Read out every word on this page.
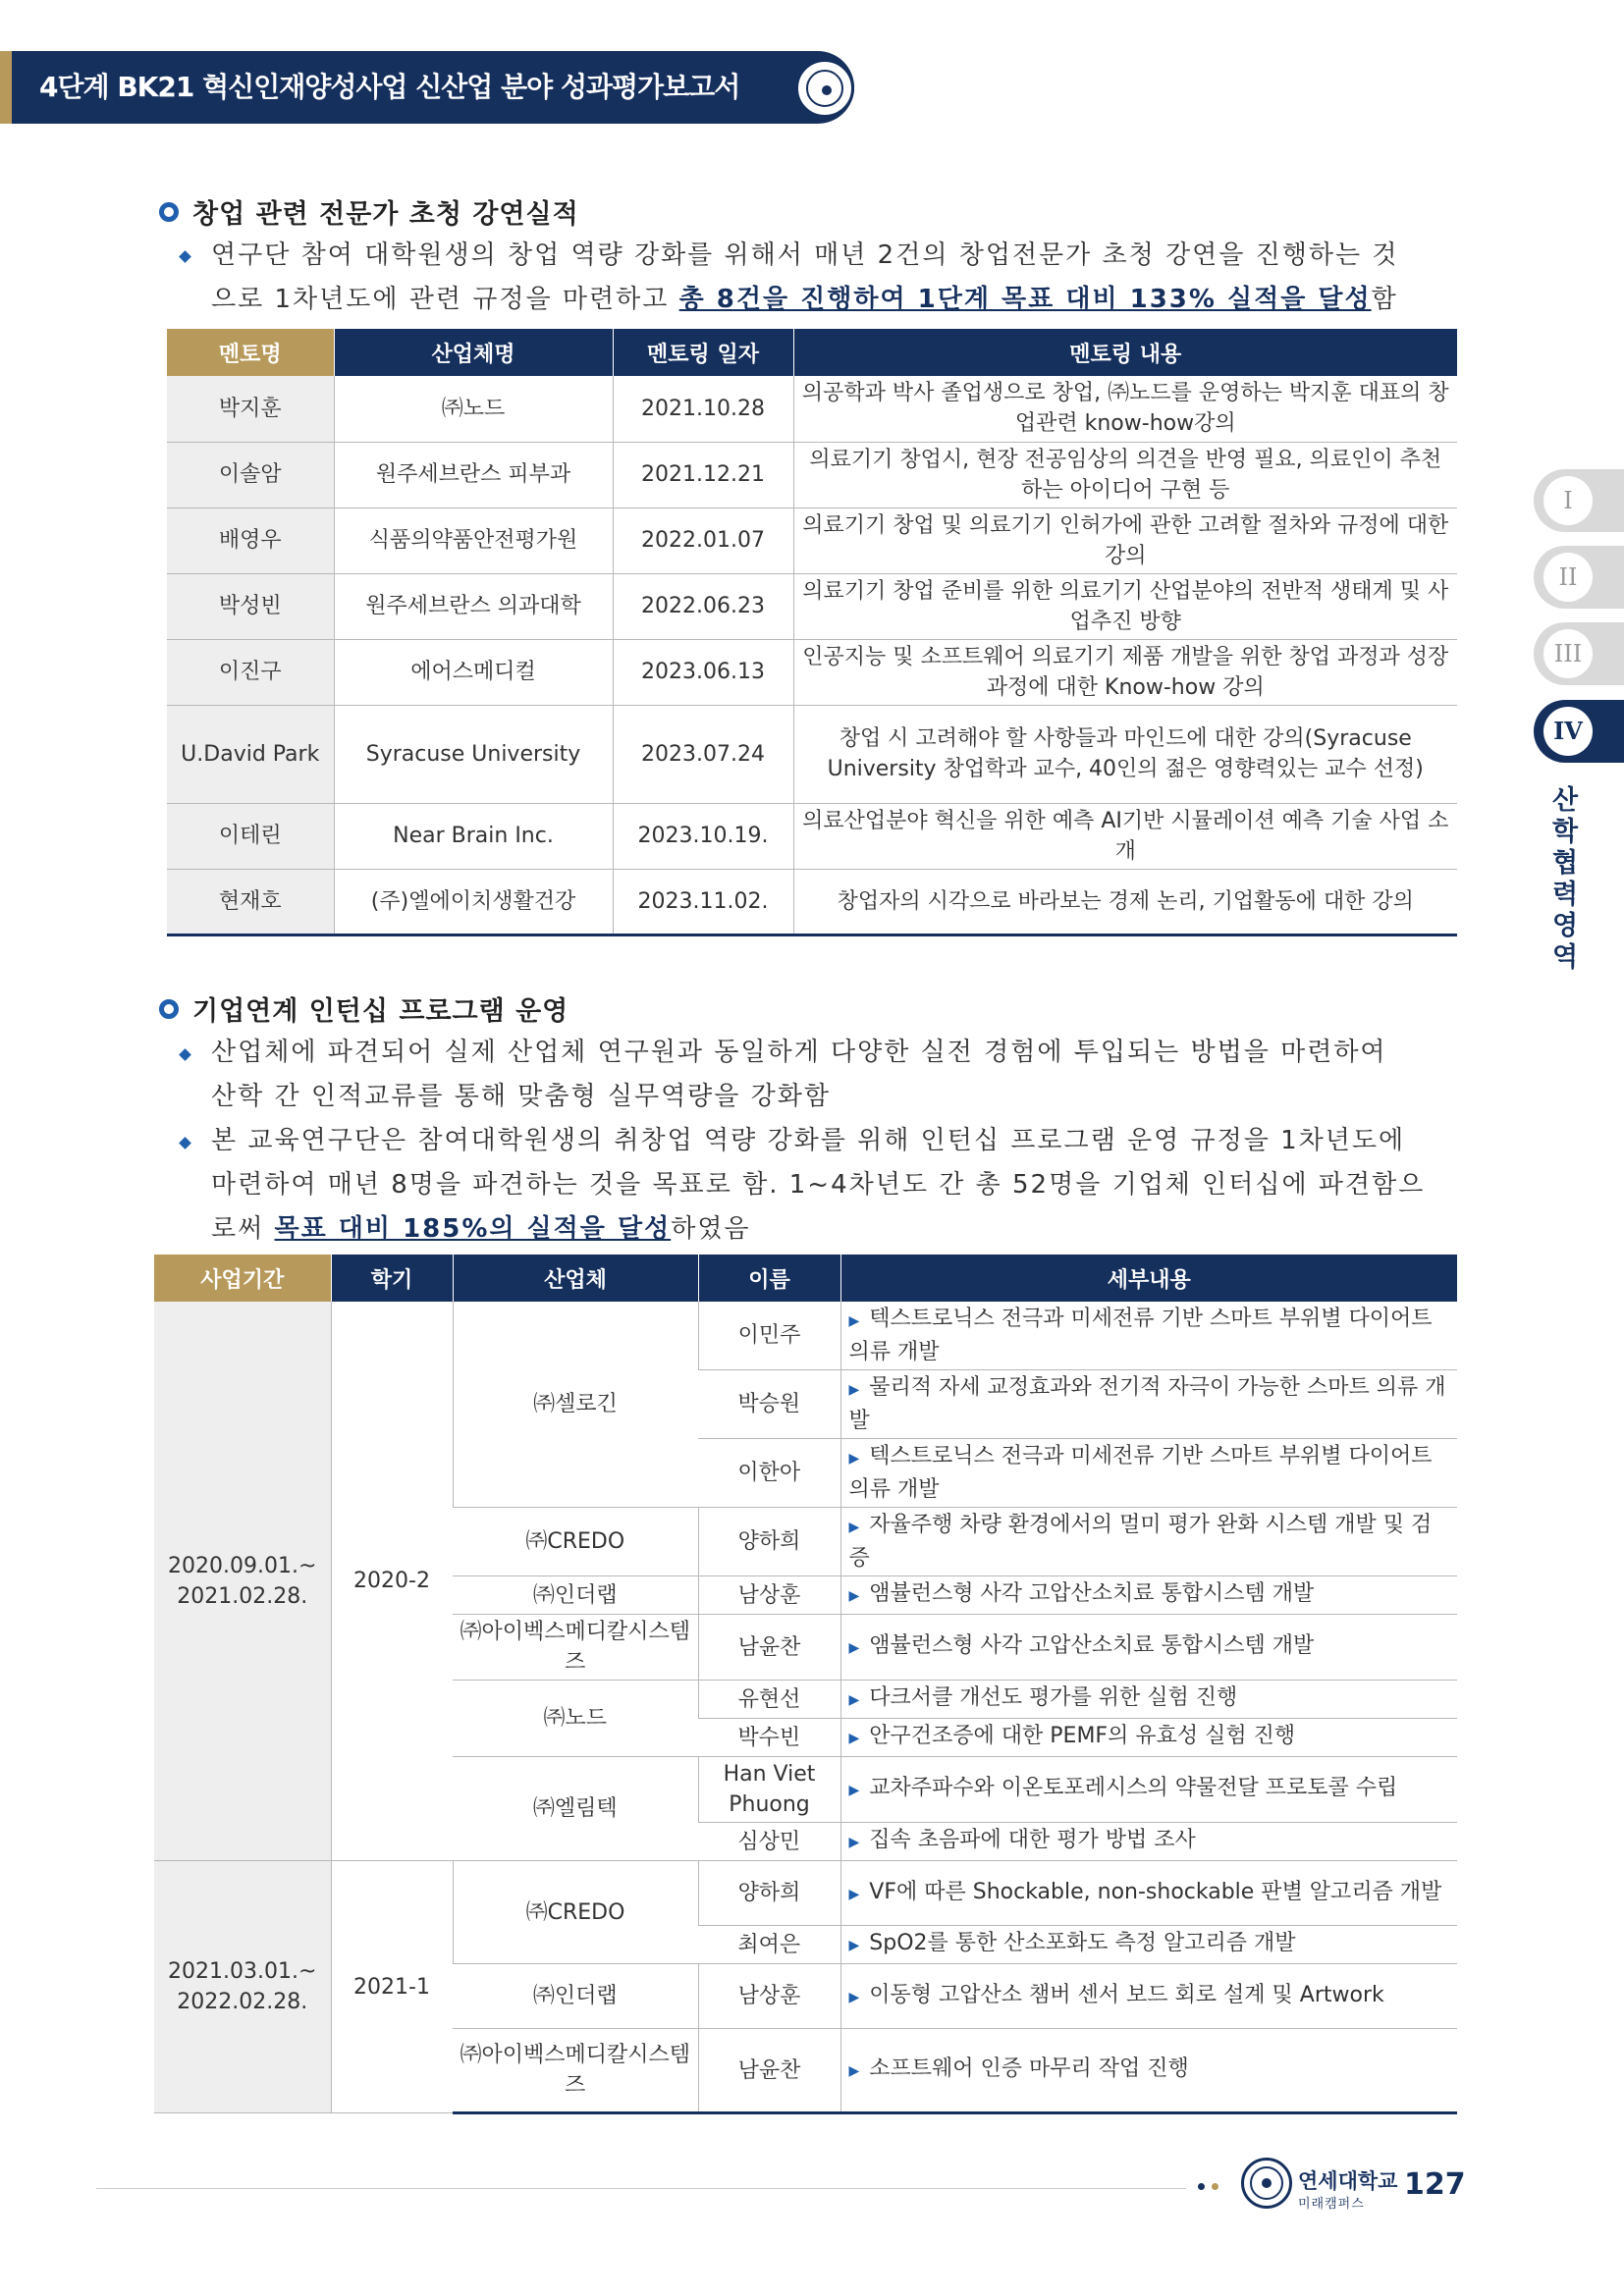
4단계 BK21 혁신인재양성사업 신산업 분야 성과평가보고서
창업 관련 전문가 초청 강연실적
연구단 참여 대학원생의 창업 역량 강화를 위해서 매년 2건의 창업전문가 초청 강연을 진행하는 것
으로 1차년도에 관련 규정을 마련하고 총 8건을 진행하여 1단계 목표 대비 133% 실적을 달성함
멘토명	산업체명	멘토링 일자	멘토링 내용
박지훈	㈜노드	2021.10.28	의공학과 박사 졸업생으로 창업, ㈜노드를 운영하는 박지훈 대표의 창업관련 know-how강의
이솔암	원주세브란스 피부과	2021.12.21	의료기기 창업시, 현장 전공임상의 의견을 반영 필요, 의료인이 추천하는 아이디어 구현 등
배영우	식품의약품안전평가원	2022.01.07	의료기기 창업 및 의료기기 인허가에 관한 고려할 절차와 규정에 대한 강의
박성빈	원주세브란스 의과대학	2022.06.23	의료기기 창업 준비를 위한 의료기기 산업분야의 전반적 생태계 및 사업추진 방향
이진구	에어스메디컬	2023.06.13	인공지능 및 소프트웨어 의료기기 제품 개발을 위한 창업 과정과 성장 과정에 대한 Know-how 강의
U.David Park	Syracuse University	2023.07.24	창업 시 고려해야 할 사항들과 마인드에 대한 강의(Syracuse University 창업학과 교수, 40인의 젊은 영향력있는 교수 선정)
이테린	Near Brain Inc.	2023.10.19.	의료산업분야 혁신을 위한 예측 AI기반 시뮬레이션 예측 기술 사업 소개
현재호	(주)엘에이치생활건강	2023.11.02.	창업자의 시각으로 바라보는 경제 논리, 기업활동에 대한 강의
기업연계 인턴십 프로그램 운영
산업체에 파견되어 실제 산업체 연구원과 동일하게 다양한 실전 경험에 투입되는 방법을 마련하여
산학 간 인적교류를 통해 맞춤형 실무역량을 강화함
본 교육연구단은 참여대학원생의 취창업 역량 강화를 위해 인턴십 프로그램 운영 규정을 1차년도에
마련하여 매년 8명을 파견하는 것을 목표로 함. 1~4차년도 간 총 52명을 기업체 인터십에 파견함으
로써 목표 대비 185%의 실적을 달성하였음
사업기간	학기	산업체	이름	세부내용
2020.09.01.~ 2021.02.28.	2020-2	㈜셀로긴	이민주	▶ 텍스트로닉스 전극과 미세전류 기반 스마트 부위별 다이어트 의류 개발
			박승원	▶ 물리적 자세 교정효과와 전기적 자극이 가능한 스마트 의류 개발
			이한아	▶ 텍스트로닉스 전극과 미세전류 기반 스마트 부위별 다이어트 의류 개발
		㈜CREDO	양하희	▶ 자율주행 차량 환경에서의 멀미 평가 완화 시스템 개발 및 검증
		㈜인더랩	남상훈	▶ 앰뷸런스형 사각 고압산소치료 통합시스템 개발
		㈜아이벡스메디칼시스템즈	남윤찬	▶ 앰뷸런스형 사각 고압산소치료 통합시스템 개발
		㈜노드	유현선	▶ 다크서클 개선도 평가를 위한 실험 진행
			박수빈	▶ 안구건조증에 대한 PEMF의 유효성 실험 진행
		㈜엘림텍	Han Viet Phuong	▶ 교차주파수와 이온토포레시스의 약물전달 프로토콜 수립
			심상민	▶ 집속 초음파에 대한 평가 방법 조사
2021.03.01.~ 2022.02.28.	2021-1	㈜CREDO	양하희	▶ VF에 따른 Shockable, non-shockable 판별 알고리즘 개발
			최여은	▶ SpO2를 통한 산소포화도 측정 알고리즘 개발
		㈜인더랩	남상훈	▶ 이동형 고압산소 챔버 센서 보드 회로 설계 및 Artwork
		㈜아이벡스메디칼시스템즈	남윤찬	▶ 소프트웨어 인증 마무리 작업 진행
I
II
III
IV
산학협력 영역
연세대학교
미래캠퍼스
127
